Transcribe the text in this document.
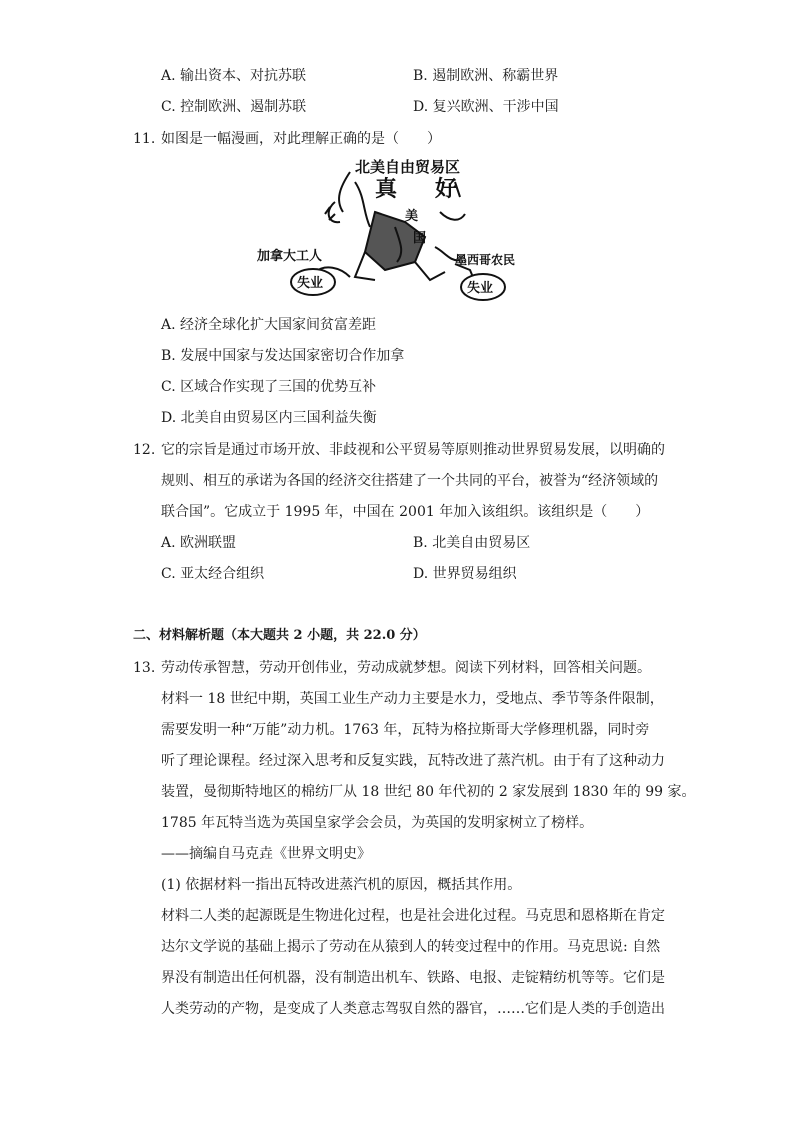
A. 输出资本、对抗苏联	B. 遏制欧洲、称霸世界
C. 控制欧洲、遏制苏联	D. 复兴欧洲、干涉中国
11. 如图是一幅漫画，对此理解正确的是（　　）
北美自由贸易区
真 好
美
国
加拿大工人	墨西哥农民
失业	失业
A. 经济全球化扩大国家间贫富差距
B. 发展中国家与发达国家密切合作加拿
C. 区域合作实现了三国的优势互补
D. 北美自由贸易区内三国利益失衡
12. 它的宗旨是通过市场开放、非歧视和公平贸易等原则推动世界贸易发展，以明确的
规则、相互的承诺为各国的经济交往搭建了一个共同的平台，被誉为“经济领域的
联合国”。它成立于 1995 年，中国在 2001 年加入该组织。该组织是（　　）
A. 欧洲联盟	B. 北美自由贸易区
C. 亚太经合组织	D. 世界贸易组织
二、材料解析题（本大题共 2 小题，共 22.0 分）
13. 劳动传承智慧，劳动开创伟业，劳动成就梦想。阅读下列材料，回答相关问题。
材料一 18 世纪中期，英国工业生产动力主要是水力，受地点、季节等条件限制，
需要发明一种“万能”动力机。1763 年，瓦特为格拉斯哥大学修理机器，同时旁
听了理论课程。经过深入思考和反复实践，瓦特改进了蒸汽机。由于有了这种动力
装置，曼彻斯特地区的棉纺厂从 18 世纪 80 年代初的 2 家发展到 1830 年的 99 家。
1785 年瓦特当选为英国皇家学会会员，为英国的发明家树立了榜样。
——摘编自马克垚《世界文明史》
(1) 依据材料一指出瓦特改进蒸汽机的原因，概括其作用。
材料二人类的起源既是生物进化过程，也是社会进化过程。马克思和恩格斯在肯定
达尔文学说的基础上揭示了劳动在从猿到人的转变过程中的作用。马克思说: 自然
界没有制造出任何机器，没有制造出机车、铁路、电报、走锭精纺机等等。它们是
人类劳动的产物，是变成了人类意志驾驭自然的器官，……它们是人类的手创造出
